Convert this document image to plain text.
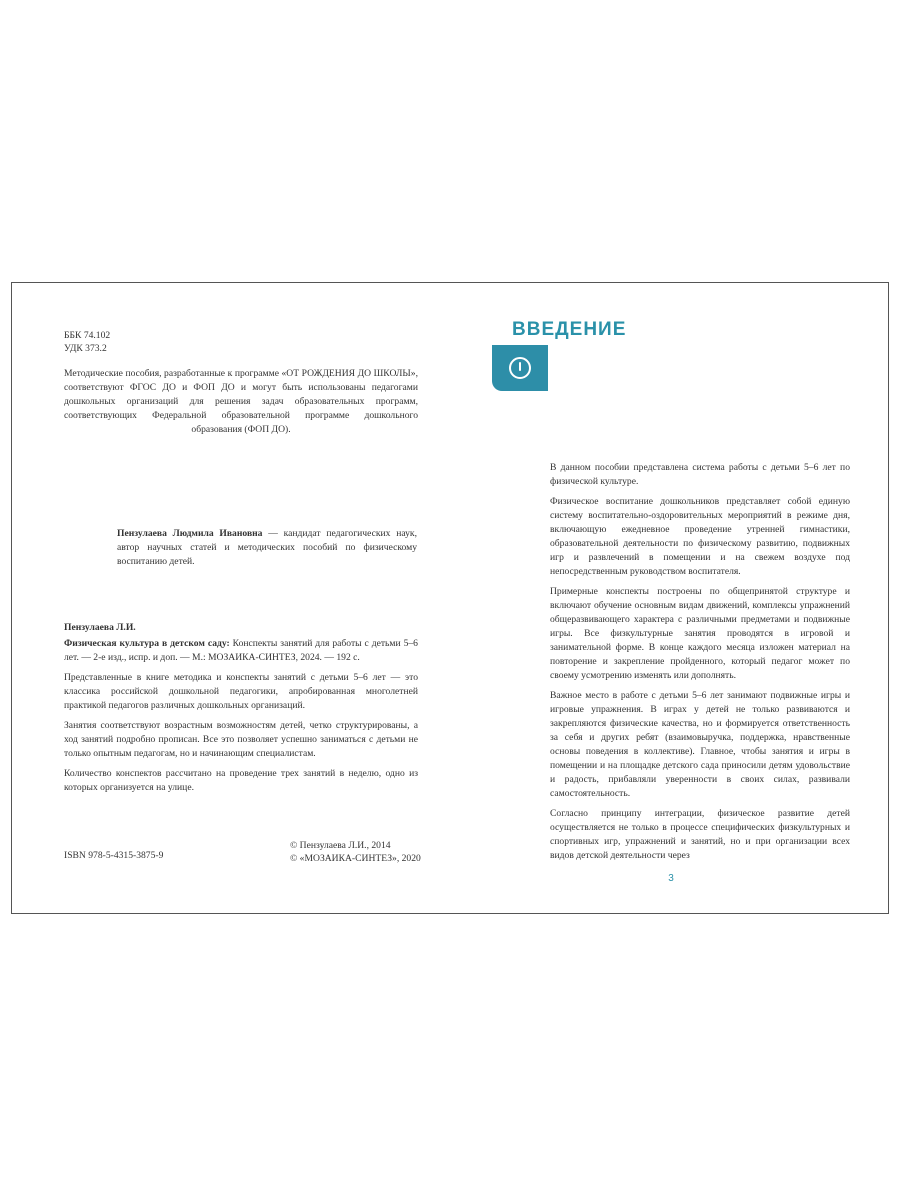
ББК 74.102

УДК 373.2

Методические пособия, разработанные к программе «ОТ РОЖДЕНИЯ ДО ШКОЛЫ», соответствуют ФГОС ДО и ФОП ДО и могут быть использованы педагогами дошкольных организаций для решения задач образовательных программ, соответствующих Федеральной образовательной программе дошкольного образования (ФОП ДО).

Пензулаева Людмила Ивановна — кандидат педагогических наук, автор научных статей и методических пособий по физическому воспитанию детей.

Пензулаева Л.И.

Физическая культура в детском саду: Конспекты занятий для работы с детьми 5–6 лет. — 2-е изд., испр. и доп. — М.: МОЗАИКА-СИНТЕЗ, 2024. — 192 с.

Представленные в книге методика и конспекты занятий с детьми 5–6 лет — это классика российской дошкольной педагогики, апробированная многолетней практикой педагогов различных дошкольных организаций.

Занятия соответствуют возрастным возможностям детей, четко структурированы, а ход занятий подробно прописан. Все это позволяет успешно заниматься с детьми не только опытным педагогам, но и начинающим специалистам.

Количество конспектов рассчитано на проведение трех занятий в неделю, одно из которых организуется на улице.

ISBN 978-5-4315-3875-9

© Пензулаева Л.И., 2014

© «МОЗАИКА-СИНТЕЗ», 2020

ВВЕДЕНИЕ

В данном пособии представлена система работы с детьми 5–6 лет по физической культуре.

Физическое воспитание дошкольников представляет собой единую систему воспитательно-оздоровительных мероприятий в режиме дня, включающую ежедневное проведение утренней гимнастики, образовательной деятельности по физическому развитию, подвижных игр и развлечений в помещении и на свежем воздухе под непосредственным руководством воспитателя.

Примерные конспекты построены по общепринятой структуре и включают обучение основным видам движений, комплексы упражнений общеразвивающего характера с различными предметами и подвижные игры. Все физкультурные занятия проводятся в игровой и занимательной форме. В конце каждого месяца изложен материал на повторение и закрепление пройденного, который педагог может по своему усмотрению изменять или дополнять.

Важное место в работе с детьми 5–6 лет занимают подвижные игры и игровые упражнения. В играх у детей не только развиваются и закрепляются физические качества, но и формируется ответственность за себя и других ребят (взаимовыручка, поддержка, нравственные основы поведения в коллективе). Главное, чтобы занятия и игры в помещении и на площадке детского сада приносили детям удовольствие и радость, прибавляли уверенности в своих силах, развивали самостоятельность.

Согласно принципу интеграции, физическое развитие детей осуществляется не только в процессе специфических физкультурных и спортивных игр, упражнений и занятий, но и при организации всех видов детской деятельности через

3
